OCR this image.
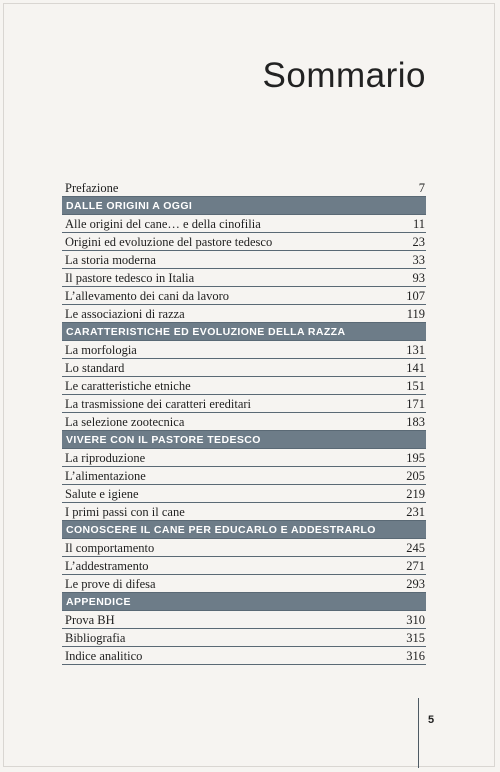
Sommario
Prefazione	7
DALLE ORIGINI A OGGI
Alle origini del cane… e della cinofilia	11
Origini ed evoluzione del pastore tedesco	23
La storia moderna	33
Il pastore tedesco in Italia	93
L’allevamento dei cani da lavoro	107
Le associazioni di razza	119
CARATTERISTICHE ED EVOLUZIONE DELLA RAZZA
La morfologia	131
Lo standard	141
Le caratteristiche etniche	151
La trasmissione dei caratteri ereditari	171
La selezione zootecnica	183
VIVERE CON IL PASTORE TEDESCO
La riproduzione	195
L’alimentazione	205
Salute e igiene	219
I primi passi con il cane	231
CONOSCERE IL CANE PER EDUCARLO E ADDESTRARLO
Il comportamento	245
L’addestramento	271
Le prove di difesa	293
APPENDICE
Prova BH	310
Bibliografia	315
Indice analitico	316
5
